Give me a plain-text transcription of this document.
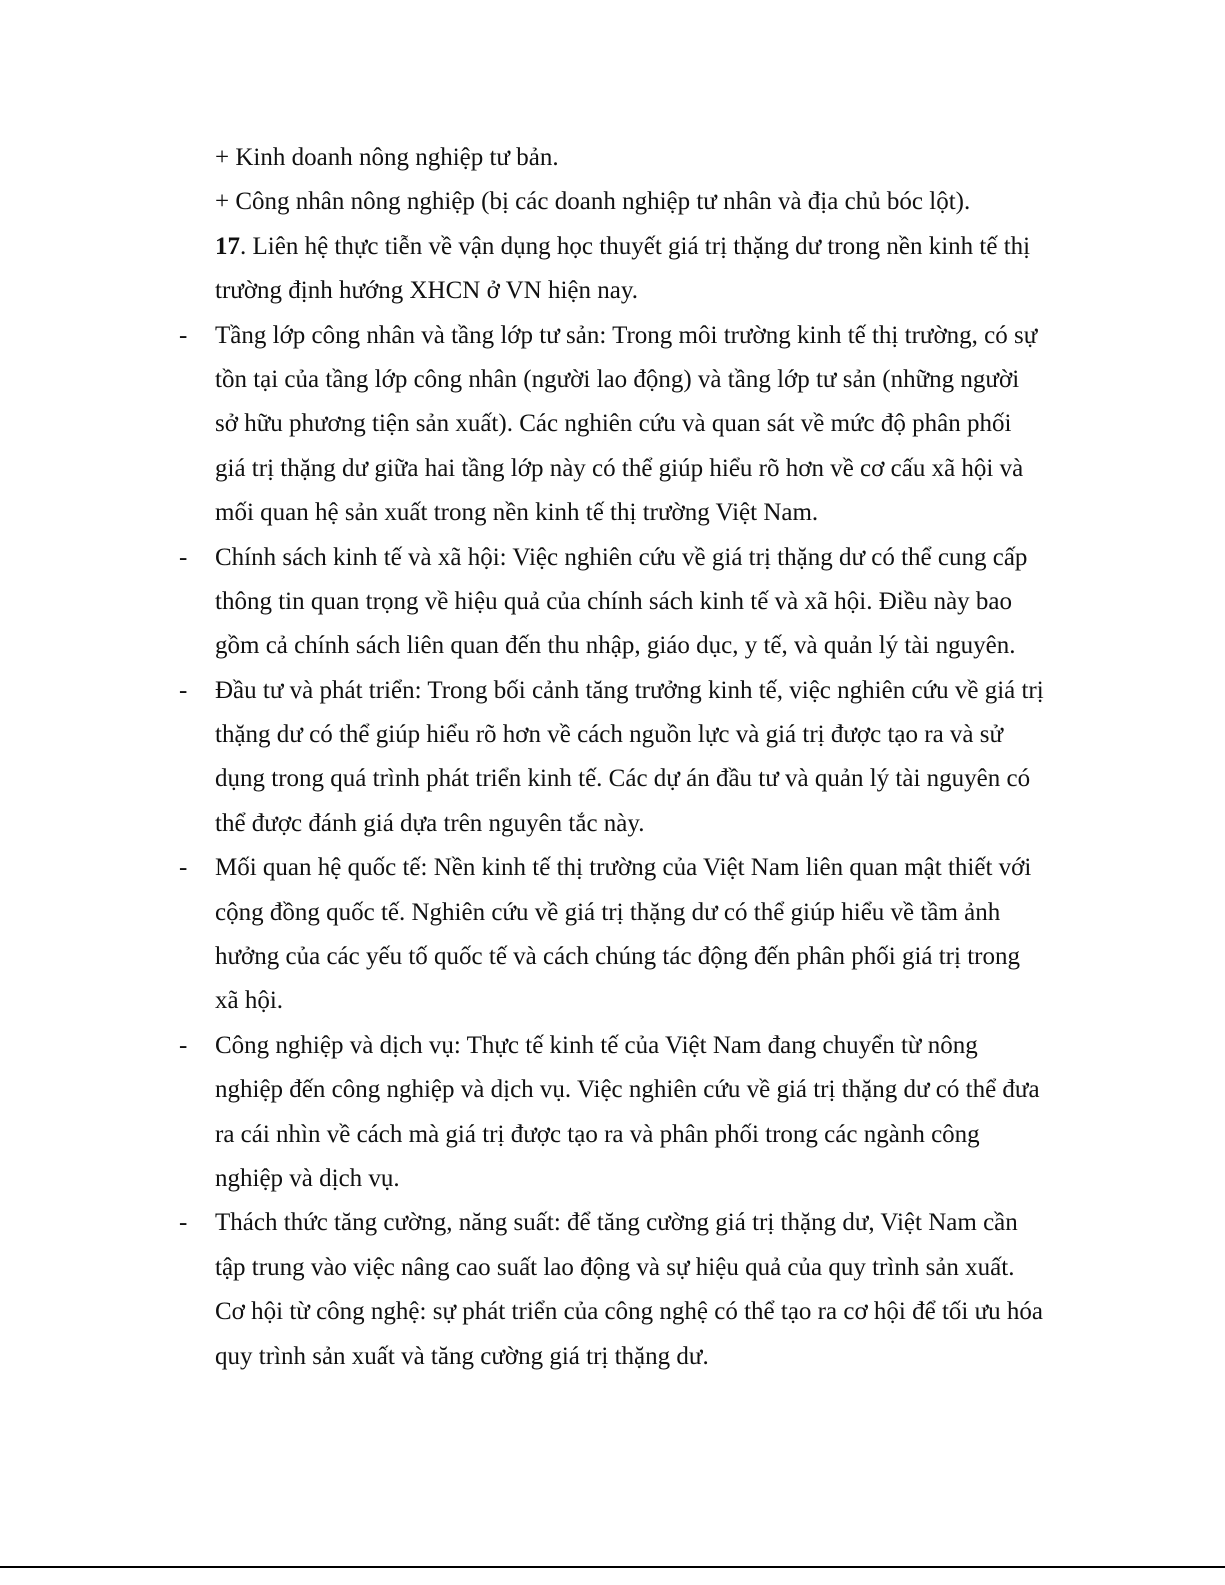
+ Kinh doanh nông nghiệp tư bản.
+ Công nhân nông nghiệp (bị các doanh nghiệp tư nhân và địa chủ bóc lột).
17. Liên hệ thực tiễn về vận dụng học thuyết giá trị thặng dư trong nền kinh tế thị
trường định hướng XHCN ở VN hiện nay.
- Tầng lớp công nhân và tầng lớp tư sản: Trong môi trường kinh tế thị trường, có sự
tồn tại của tầng lớp công nhân (người lao động) và tầng lớp tư sản (những người
sở hữu phương tiện sản xuất). Các nghiên cứu và quan sát về mức độ phân phối
giá trị thặng dư giữa hai tầng lớp này có thể giúp hiểu rõ hơn về cơ cấu xã hội và
mối quan hệ sản xuất trong nền kinh tế thị trường Việt Nam.
- Chính sách kinh tế và xã hội: Việc nghiên cứu về giá trị thặng dư có thể cung cấp
thông tin quan trọng về hiệu quả của chính sách kinh tế và xã hội. Điều này bao
gồm cả chính sách liên quan đến thu nhập, giáo dục, y tế, và quản lý tài nguyên.
- Đầu tư và phát triển: Trong bối cảnh tăng trưởng kinh tế, việc nghiên cứu về giá trị
thặng dư có thể giúp hiểu rõ hơn về cách nguồn lực và giá trị được tạo ra và sử
dụng trong quá trình phát triển kinh tế. Các dự án đầu tư và quản lý tài nguyên có
thể được đánh giá dựa trên nguyên tắc này.
- Mối quan hệ quốc tế: Nền kinh tế thị trường của Việt Nam liên quan mật thiết với
cộng đồng quốc tế. Nghiên cứu về giá trị thặng dư có thể giúp hiểu về tầm ảnh
hưởng của các yếu tố quốc tế và cách chúng tác động đến phân phối giá trị trong
xã hội.
- Công nghiệp và dịch vụ: Thực tế kinh tế của Việt Nam đang chuyển từ nông
nghiệp đến công nghiệp và dịch vụ. Việc nghiên cứu về giá trị thặng dư có thể đưa
ra cái nhìn về cách mà giá trị được tạo ra và phân phối trong các ngành công
nghiệp và dịch vụ.
- Thách thức tăng cường, năng suất: để tăng cường giá trị thặng dư, Việt Nam cần
tập trung vào việc nâng cao suất lao động và sự hiệu quả của quy trình sản xuất.
Cơ hội từ công nghệ: sự phát triển của công nghệ có thể tạo ra cơ hội để tối ưu hóa
quy trình sản xuất và tăng cường giá trị thặng dư.
